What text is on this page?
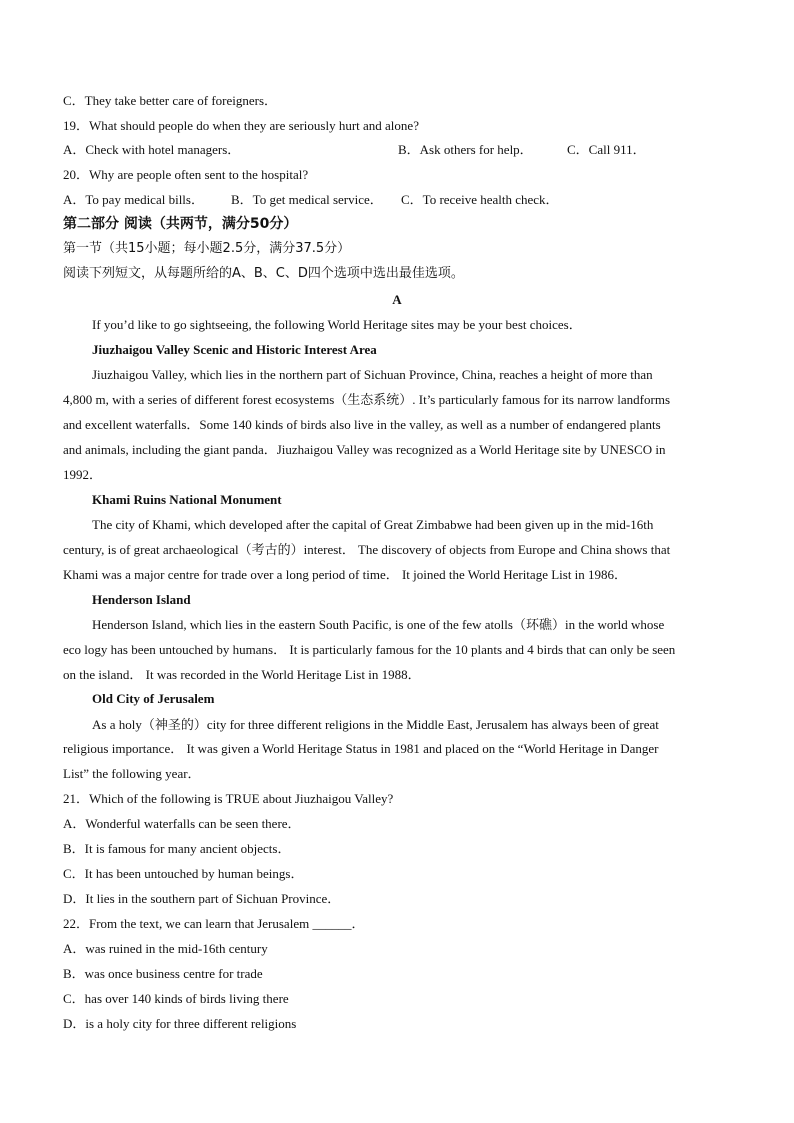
C．They take better care of foreigners．
19．What should people do when they are seriously hurt and alone?
A．Check with hotel managers．	B．Ask others for help．	C．Call 911．
20．Why are people often sent to the hospital?
A．To pay medical bills． B．To get medical service． C．To receive health check．
第二部分 阅读（共两节，满分50分）
第一节（共15小题；每小题2.5分，满分37.5分）
阅读下列短文，从每题所给的A、B、C、D四个选项中选出最佳选项。
A
If you’d like to go sightseeing, the following World Heritage sites may be your best choices．
Jiuzhaigou Valley Scenic and Historic Interest Area
Jiuzhaigou Valley, which lies in the northern part of Sichuan Province, China, reaches a height of more than
4,800 m, with a series of different forest ecosystems（生态系统）. It’s particularly famous for its narrow landforms
and excellent waterfalls．Some 140 kinds of birds also live in the valley, as well as a number of endangered plants
and animals, including the giant panda．Jiuzhaigou Valley was recognized as a World Heritage site by UNESCO in
1992．
Khami Ruins National Monument
The city of Khami, which developed after the capital of Great Zimbabwe had been given up in the mid-16th
century, is of great archaeological（考古的）interest． The discovery of objects from Europe and China shows that
Khami was a major centre for trade over a long period of time． It joined the World Heritage List in 1986．
Henderson Island
Henderson Island, which lies in the eastern South Pacific, is one of the few atolls（环礁）in the world whose
eco logy has been untouched by humans． It is particularly famous for the 10 plants and 4 birds that can only be seen
on the island． It was recorded in the World Heritage List in 1988．
Old City of Jerusalem
As a holy（神圣的）city for three different religions in the Middle East, Jerusalem has always been of great
religious importance． It was given a World Heritage Status in 1981 and placed on the “World Heritage in Danger
List” the following year．
21．Which of the following is TRUE about Jiuzhaigou Valley?
A．Wonderful waterfalls can be seen there．
B．It is famous for many ancient objects．
C．It has been untouched by human beings．
D．It lies in the southern part of Sichuan Province．
22．From the text, we can learn that Jerusalem ______．
A．was ruined in the mid-16th century
B．was once business centre for trade
C．has over 140 kinds of birds living there
D．is a holy city for three different religions
